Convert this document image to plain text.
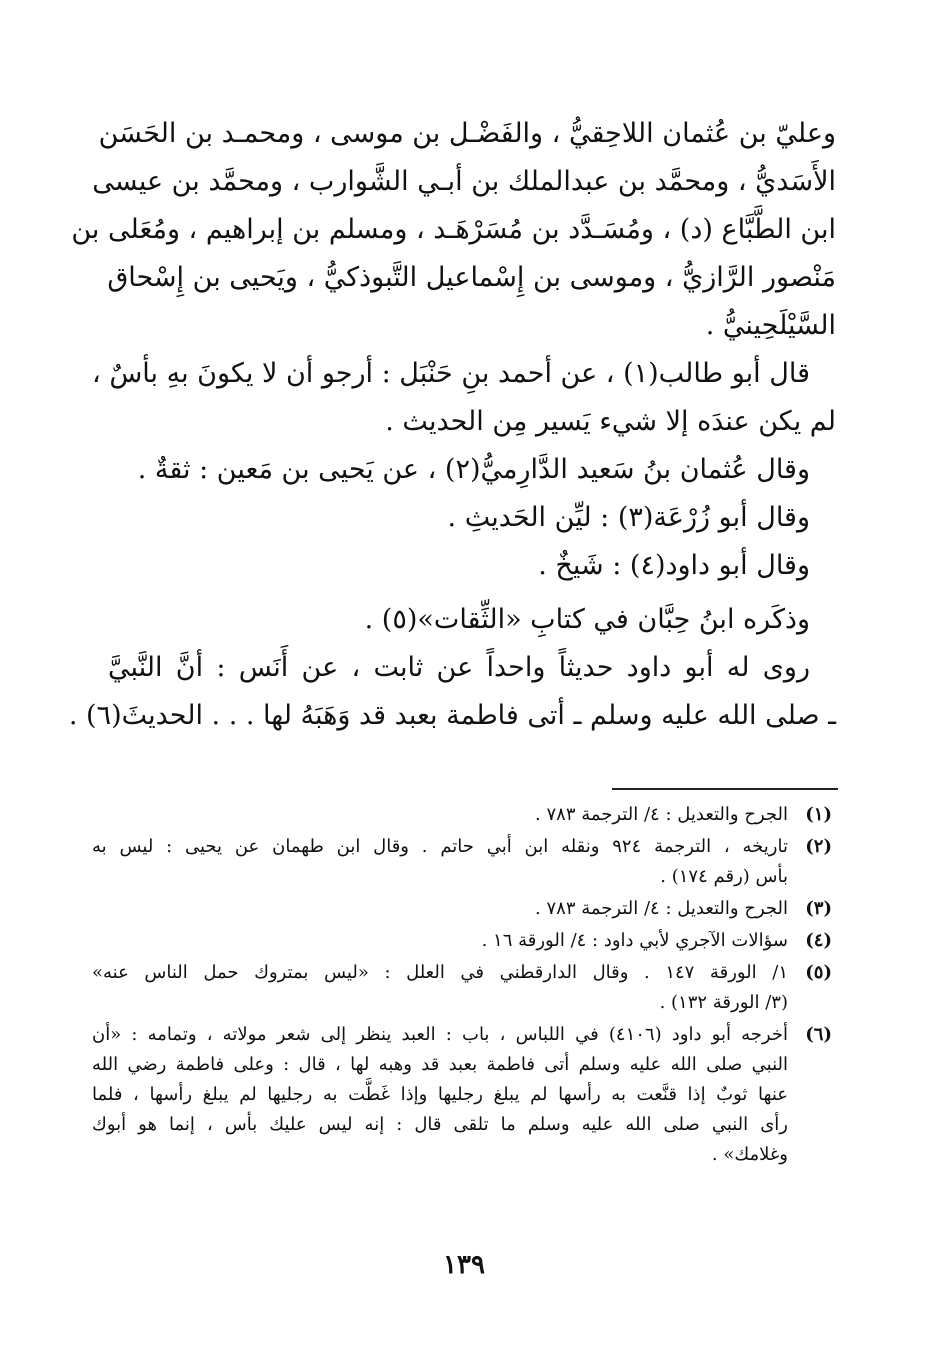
وعليّ بن عُثمان اللاحِقيُّ ، والفَضْـل بن موسى ، ومحمـد بن الحَسَن
الأَسَديُّ ، ومحمَّد بن عبدالملك بن أبـي الشَّوارب ، ومحمَّد بن عيسى
ابن الطَّبَّاع (د) ، ومُسَـدَّد بن مُسَرْهَـد ، ومسلم بن إبراهيم ، ومُعَلى بن
مَنْصور الرَّازيُّ ، وموسى بن إِسْماعيل التَّبوذكيُّ ، ويَحيى بن إِسْحاق
السَّيْلَحِينيُّ .
قال أبو طالب(١) ، عن أحمد بنِ حَنْبَل : أرجو أن لا يكونَ بهِ بأسٌ ،
لم يكن عندَه إلا شيء يَسير مِن الحديث .
وقال عُثمان بنُ سَعيد الدَّارِميُّ(٢) ، عن يَحيى بن مَعين : ثقةٌ .
وقال أبو زُرْعَة(٣) : ليِّن الحَديثِ .
وقال أبو داود(٤) : شَيخٌ .
وذكَره ابنُ حِبَّان في كتابِ «الثِّقات»(٥) .
روى له أبو داود حديثاً واحداً عن ثابت ، عن أَنَس : أنَّ النَّبيَّ
ـ صلى الله عليه وسلم ـ أتى فاطمة بعبد قد وَهَبَهُ لها . . . الحديثَ(٦) .
(١)
الجرح والتعديل : ٤/ الترجمة ٧٨٣ .
(٢)
تاريخه ، الترجمة ٩٢٤ ونقله ابن أبي حاتم . وقال ابن طهمان عن يحيى : ليس به
بأس (رقم ١٧٤) .
(٣)
الجرح والتعديل : ٤/ الترجمة ٧٨٣ .
(٤)
سؤالات الآجري لأبي داود : ٤/ الورقة ١٦ .
(٥)
١/ الورقة ١٤٧ . وقال الدارقطني في العلل : «ليس بمتروك حمل الناس عنه»
(٣/ الورقة ١٣٢) .
(٦)
أخرجه أبو داود (٤١٠٦) في اللباس ، باب : العبد ينظر إلى شعر مولاته ، وتمامه : «أن
النبي صلى الله عليه وسلم أتى فاطمة بعبد قد وهبه لها ، قال : وعلى فاطمة رضي الله
عنها ثوبٌ إذا قنَّعت به رأسها لم يبلغ رجليها وإذا غَطَّت به رجليها لم يبلغ رأسها ، فلما
رأى النبي صلى الله عليه وسلم ما تلقى قال : إنه ليس عليك بأس ، إنما هو أبوك
وغلامك» .
١٣٩
